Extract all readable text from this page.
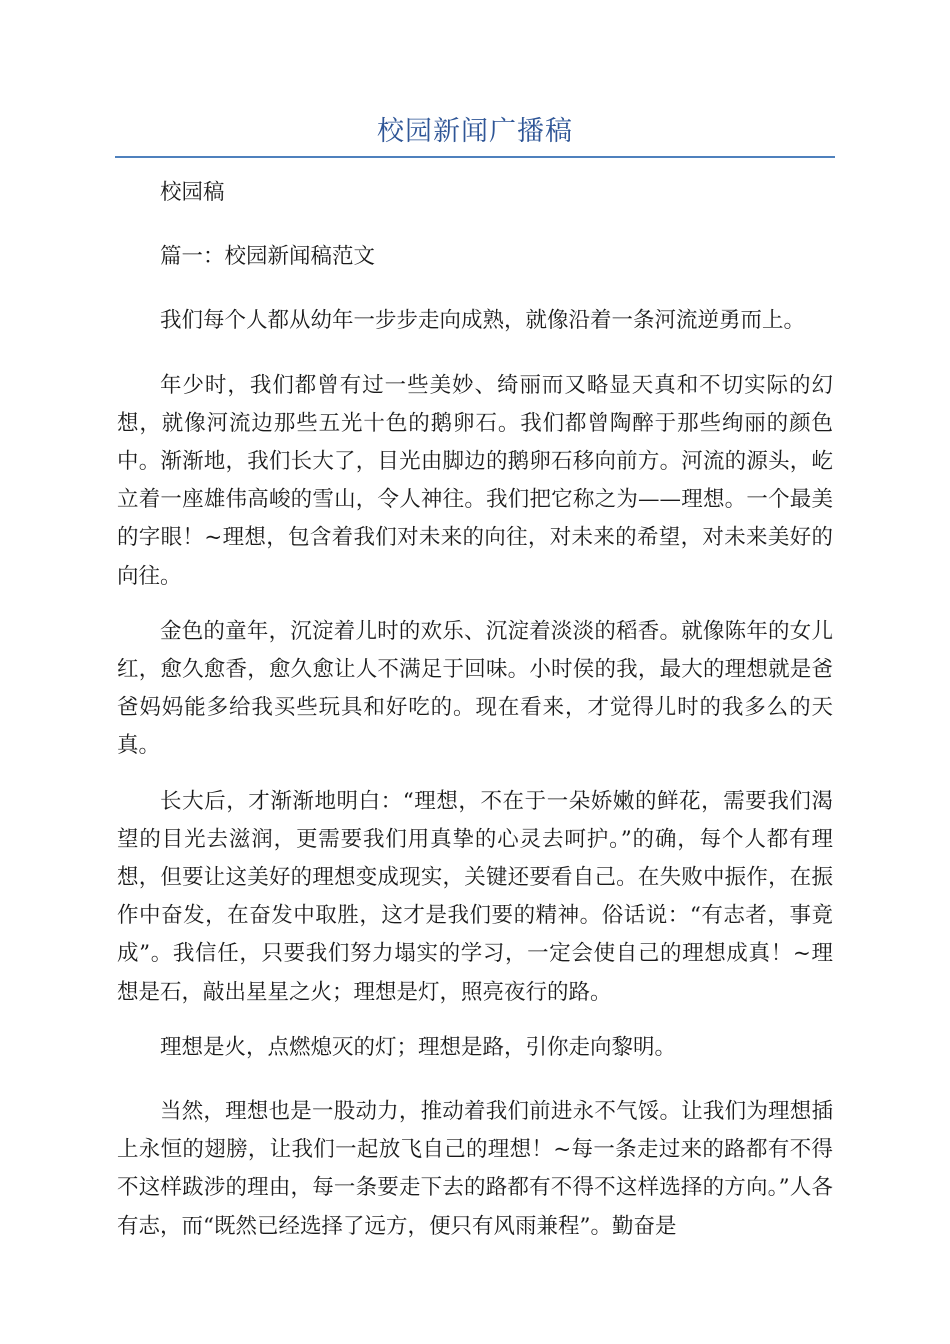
校园新闻广播稿

校园稿

篇一：校园新闻稿范文

我们每个人都从幼年一步步走向成熟，就像沿着一条河流逆勇而上。

年少时，我们都曾有过一些美妙、绮丽而又略显天真和不切实际的幻想，就像河流边那些五光十色的鹅卵石。我们都曾陶醉于那些绚丽的颜色中。渐渐地，我们长大了，目光由脚边的鹅卵石移向前方。河流的源头，屹立着一座雄伟高峻的雪山，令人神往。我们把它称之为——理想。一个最美的字眼！~理想，包含着我们对未来的向往，对未来的希望，对未来美好的向往。

金色的童年，沉淀着儿时的欢乐、沉淀着淡淡的稻香。就像陈年的女儿红，愈久愈香，愈久愈让人不满足于回味。小时侯的我，最大的理想就是爸爸妈妈能多给我买些玩具和好吃的。现在看来，才觉得儿时的我多么的天真。

长大后，才渐渐地明白：“理想，不在于一朵娇嫩的鲜花，需要我们渴望的目光去滋润，更需要我们用真挚的心灵去呵护。”的确，每个人都有理想，但要让这美好的理想变成现实，关键还要看自己。在失败中振作，在振作中奋发，在奋发中取胜，这才是我们要的精神。俗话说：“有志者，事竟成”。我信任，只要我们努力塌实的学习，一定会使自己的理想成真！~理想是石，敲出星星之火；理想是灯，照亮夜行的路。

理想是火，点燃熄灭的灯；理想是路，引你走向黎明。

当然，理想也是一股动力，推动着我们前进永不气馁。让我们为理想插上永恒的翅膀，让我们一起放飞自己的理想！~每一条走过来的路都有不得不这样跋涉的理由，每一条要走下去的路都有不得不这样选择的方向。”人各有志，而“既然已经选择了远方，便只有风雨兼程”。勤奋是
